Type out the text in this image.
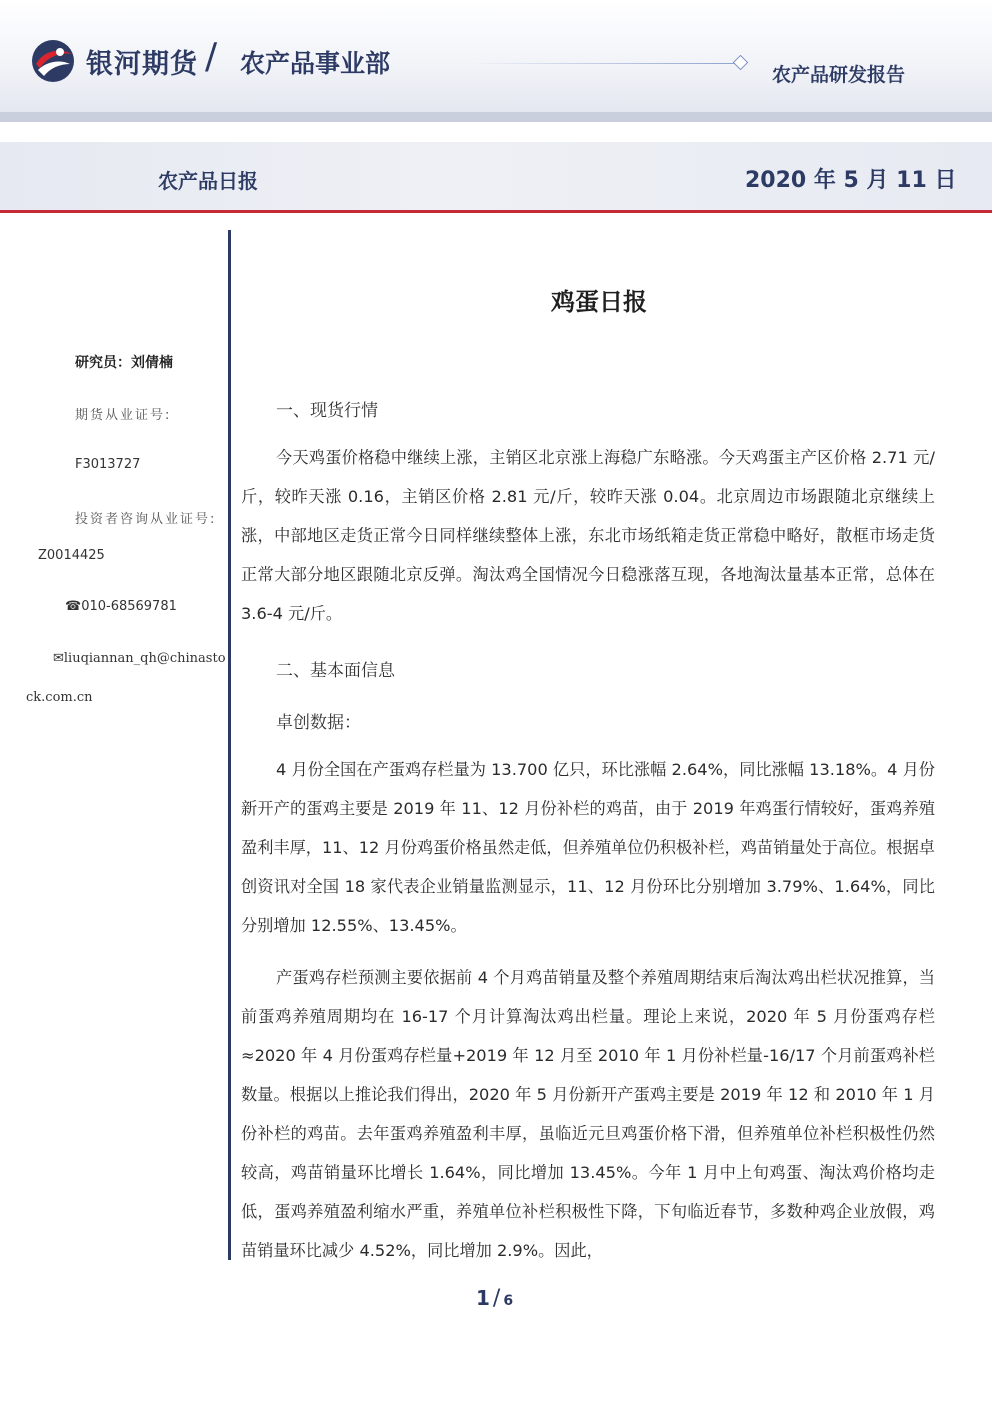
银河期货 / 农产品事业部	农产品研发报告
农产品日报	2020 年 5 月 11 日
研究员：刘倩楠
期货从业证号:
F3013727
投资者咨询从业证号:
Z0014425
☎010-68569781
✉liuqiannan_qh@chinasto
ck.com.cn
鸡蛋日报
一、现货行情

今天鸡蛋价格稳中继续上涨，主销区北京涨上海稳广东略涨。今天鸡蛋主产区价格 2.71 元/斤，较昨天涨 0.16，主销区价格 2.81 元/斤，较昨天涨 0.04。北京周边市场跟随北京继续上涨，中部地区走货正常今日同样继续整体上涨，东北市场纸箱走货正常稳中略好，散框市场走货正常大部分地区跟随北京反弹。淘汰鸡全国情况今日稳涨落互现，各地淘汰量基本正常，总体在 3.6-4 元/斤。

二、基本面信息
卓创数据：

4 月份全国在产蛋鸡存栏量为 13.700 亿只，环比涨幅 2.64%，同比涨幅 13.18%。4 月份新开产的蛋鸡主要是 2019 年 11、12 月份补栏的鸡苗，由于 2019 年鸡蛋行情较好，蛋鸡养殖盈利丰厚，11、12 月份鸡蛋价格虽然走低，但养殖单位仍积极补栏，鸡苗销量处于高位。根据卓创资讯对全国 18 家代表企业销量监测显示，11、12 月份环比分别增加 3.79%、1.64%，同比分别增加 12.55%、13.45%。

产蛋鸡存栏预测主要依据前 4 个月鸡苗销量及整个养殖周期结束后淘汰鸡出栏状况推算，当前蛋鸡养殖周期均在 16-17 个月计算淘汰鸡出栏量。理论上来说，2020 年 5 月份蛋鸡存栏≈2020 年 4 月份蛋鸡存栏量+2019 年 12 月至 2010 年 1 月份补栏量-16/17 个月前蛋鸡补栏数量。根据以上推论我们得出，2020 年 5 月份新开产蛋鸡主要是 2019 年 12 和 2010 年 1 月份补栏的鸡苗。去年蛋鸡养殖盈利丰厚，虽临近元旦鸡蛋价格下滑，但养殖单位补栏积极性仍然较高，鸡苗销量环比增长 1.64%，同比增加 13.45%。今年 1 月中上旬鸡蛋、淘汰鸡价格均走低，蛋鸡养殖盈利缩水严重，养殖单位补栏积极性下降，下旬临近春节，多数种鸡企业放假，鸡苗销量环比减少 4.52%，同比增加 2.9%。因此，

1 / 6
